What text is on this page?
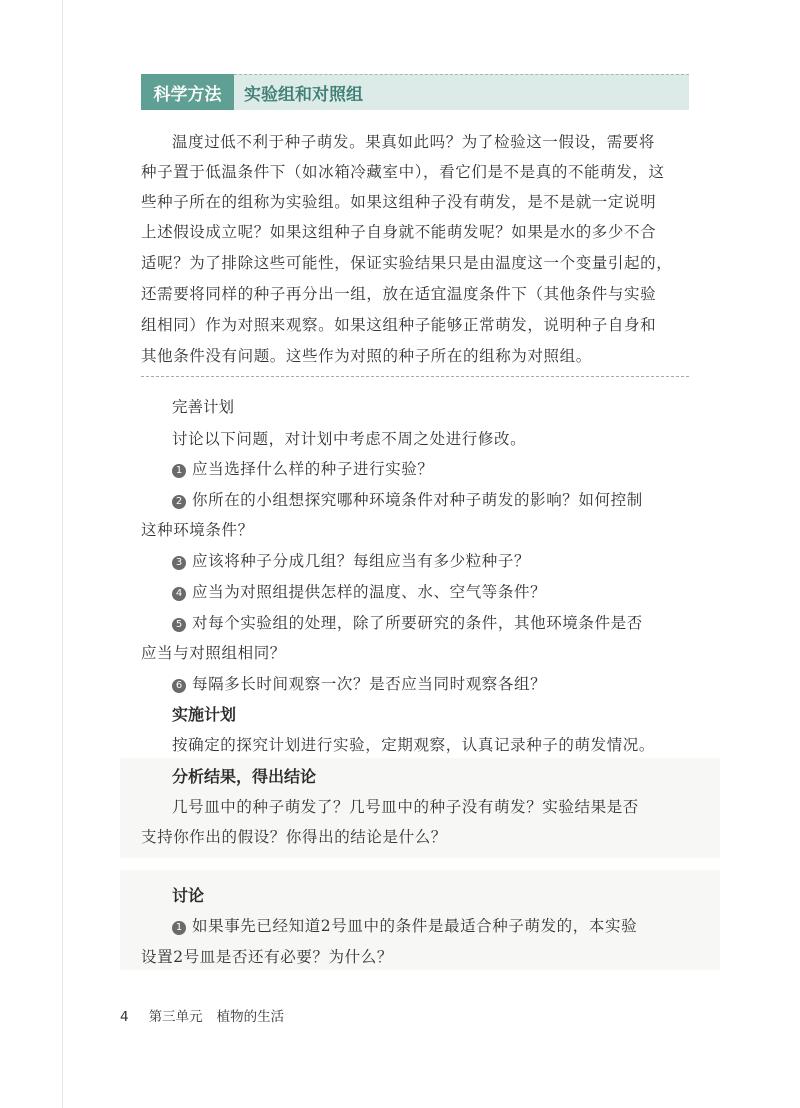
科学方法	实验组和对照组
温度过低不利于种子萌发。果真如此吗？为了检验这一假设，需要将
种子置于低温条件下（如冰箱冷藏室中），看它们是不是真的不能萌发，这
些种子所在的组称为实验组。如果这组种子没有萌发，是不是就一定说明
上述假设成立呢？如果这组种子自身就不能萌发呢？如果是水的多少不合
适呢？为了排除这些可能性，保证实验结果只是由温度这一个变量引起的，
还需要将同样的种子再分出一组，放在适宜温度条件下（其他条件与实验
组相同）作为对照来观察。如果这组种子能够正常萌发，说明种子自身和
其他条件没有问题。这些作为对照的种子所在的组称为对照组。
完善计划
讨论以下问题，对计划中考虑不周之处进行修改。
1 应当选择什么样的种子进行实验？
2 你所在的小组想探究哪种环境条件对种子萌发的影响？如何控制
这种环境条件？
3 应该将种子分成几组？每组应当有多少粒种子？
4 应当为对照组提供怎样的温度、水、空气等条件？
5 对每个实验组的处理，除了所要研究的条件，其他环境条件是否
应当与对照组相同？
6 每隔多长时间观察一次？是否应当同时观察各组？
实施计划
按确定的探究计划进行实验，定期观察，认真记录种子的萌发情况。
分析结果，得出结论
几号皿中的种子萌发了？几号皿中的种子没有萌发？实验结果是否
支持你作出的假设？你得出的结论是什么？
讨论
1 如果事先已经知道2号皿中的条件是最适合种子萌发的，本实验
设置2号皿是否还有必要？为什么？
4 第三单元 植物的生活
